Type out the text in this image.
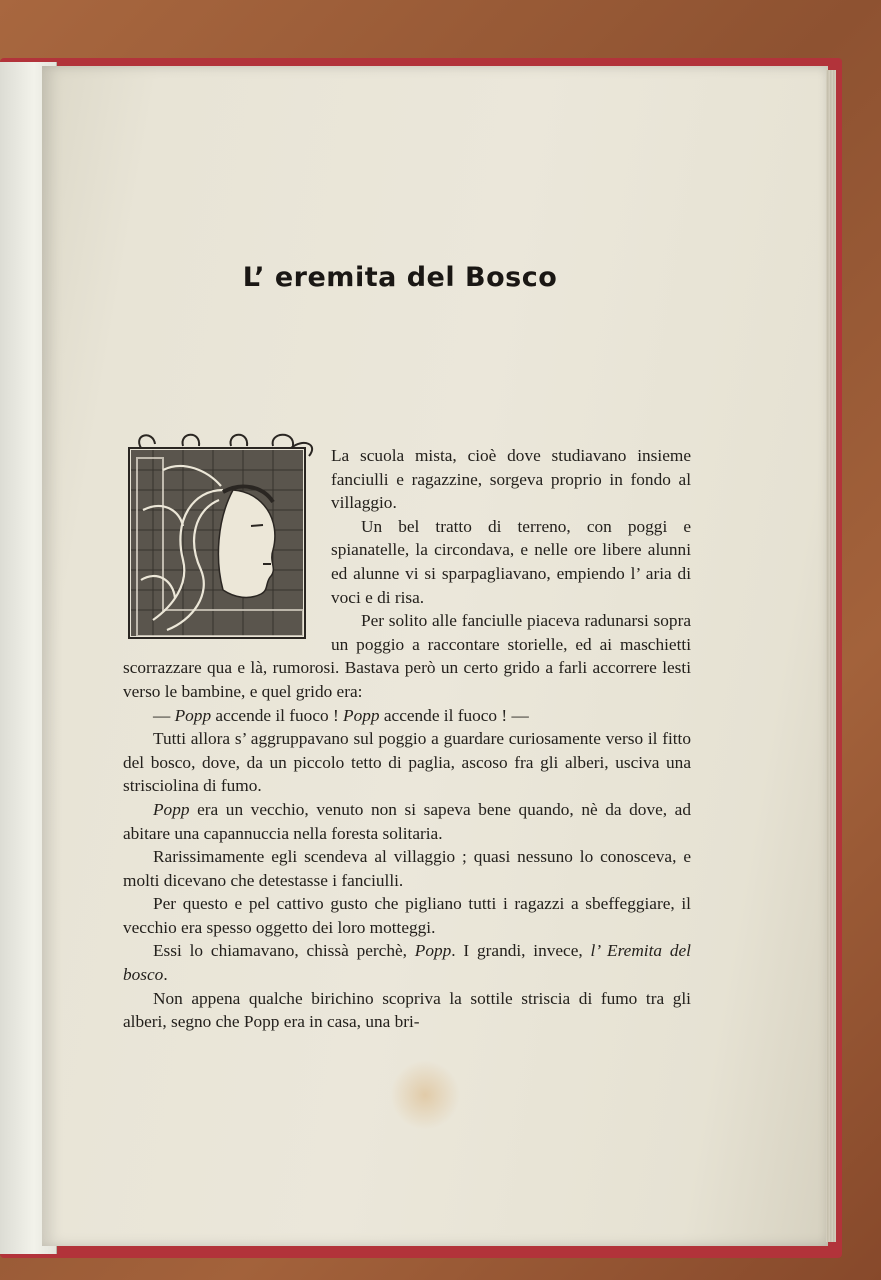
L’ eremita del Bosco

La scuola mista, cioè dove studiavano insieme fanciulli e ragazzine, sorgeva proprio in fondo al villaggio.

Un bel tratto di terreno, con poggi e spianatelle, la circondava, e nelle ore libere alunni ed alunne vi si sparpagliavano, empiendo l’ aria di voci e di risa.

Per solito alle fanciulle piaceva radunarsi sopra un poggio a raccontare storielle, ed ai maschietti scorrazzare qua e là, rumorosi. Bastava però un certo grido a farli accorrere lesti verso le bambine, e quel grido era:

— Popp accende il fuoco ! Popp accende il fuoco ! —

Tutti allora s’ aggruppavano sul poggio a guardare curiosamente verso il fitto del bosco, dove, da un piccolo tetto di paglia, ascoso fra gli alberi, usciva una strisciolina di fumo.

Popp era un vecchio, venuto non si sapeva bene quando, nè da dove, ad abitare una capannuccia nella foresta solitaria.

Rarissimamente egli scendeva al villaggio ; quasi nessuno lo conosceva, e molti dicevano che detestasse i fanciulli.

Per questo e pel cattivo gusto che pigliano tutti i ragazzi a sbeffeggiare, il vecchio era spesso oggetto dei loro motteggi.

Essi lo chiamavano, chissà perchè, Popp. I grandi, invece, l’ Eremita del bosco.

Non appena qualche birichino scopriva la sottile striscia di fumo tra gli alberi, segno che Popp era in casa, una bri-
